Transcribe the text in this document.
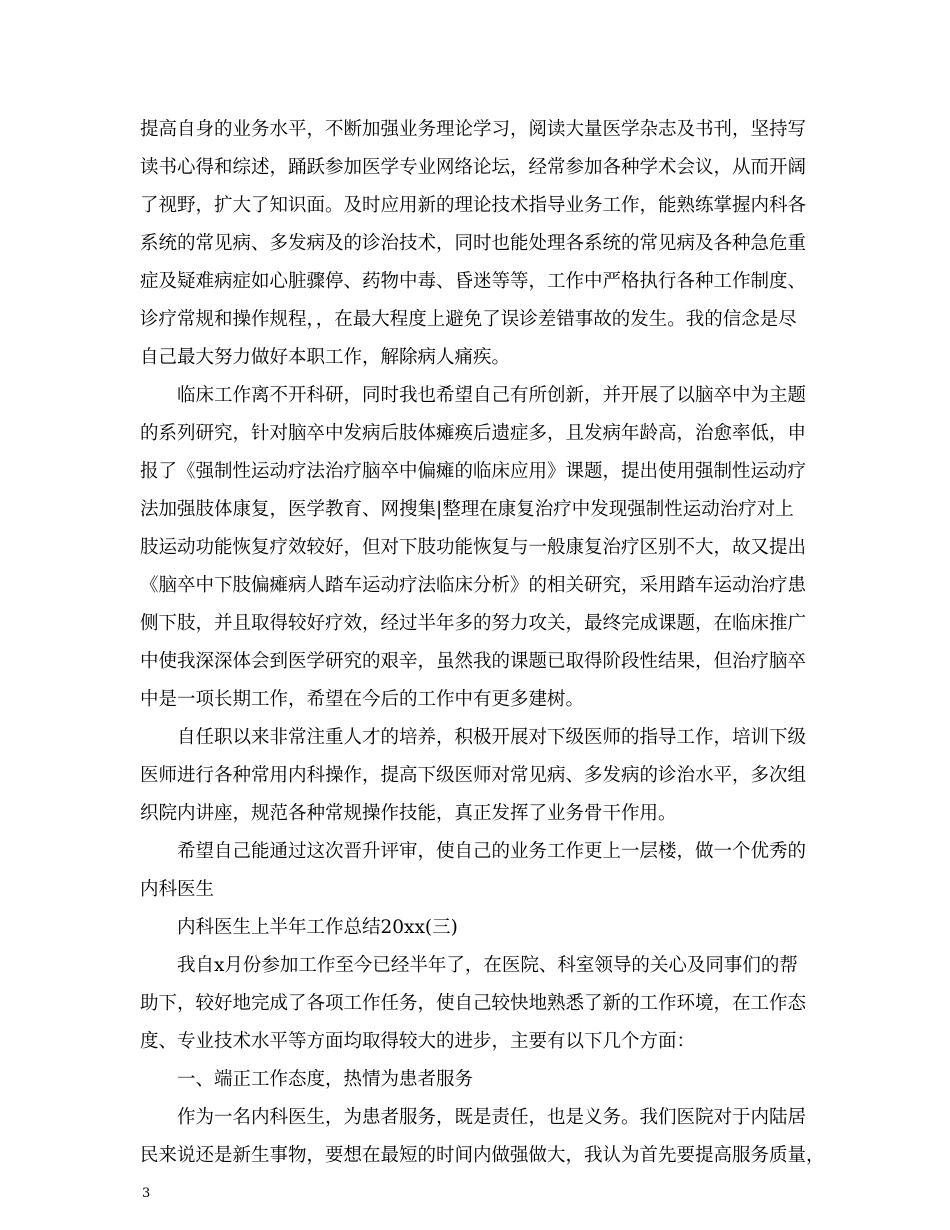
提高自身的业务水平，不断加强业务理论学习，阅读大量医学杂志及书刊，坚持写
读书心得和综述，踊跃参加医学专业网络论坛，经常参加各种学术会议，从而开阔
了视野，扩大了知识面。及时应用新的理论技术指导业务工作，能熟练掌握内科各
系统的常见病、多发病及的诊治技术，同时也能处理各系统的常见病及各种急危重
症及疑难病症如心脏骤停、药物中毒、昏迷等等，工作中严格执行各种工作制度、
诊疗常规和操作规程，，在最大程度上避免了误诊差错事故的发生。我的信念是尽
自己最大努力做好本职工作，解除病人痛疾。
临床工作离不开科研，同时我也希望自己有所创新，并开展了以脑卒中为主题
的系列研究，针对脑卒中发病后肢体瘫痪后遗症多，且发病年龄高，治愈率低，申
报了《强制性运动疗法治疗脑卒中偏瘫的临床应用》课题，提出使用强制性运动疗
法加强肢体康复，医学教育、网搜集|整理在康复治疗中发现强制性运动治疗对上
肢运动功能恢复疗效较好，但对下肢功能恢复与一般康复治疗区别不大，故又提出
《脑卒中下肢偏瘫病人踏车运动疗法临床分析》的相关研究，采用踏车运动治疗患
侧下肢，并且取得较好疗效，经过半年多的努力攻关，最终完成课题，在临床推广
中使我深深体会到医学研究的艰辛，虽然我的课题已取得阶段性结果，但治疗脑卒
中是一项长期工作，希望在今后的工作中有更多建树。
自任职以来非常注重人才的培养，积极开展对下级医师的指导工作，培训下级
医师进行各种常用内科操作，提高下级医师对常见病、多发病的诊治水平，多次组
织院内讲座，规范各种常规操作技能，真正发挥了业务骨干作用。
希望自己能通过这次晋升评审，使自己的业务工作更上一层楼，做一个优秀的
内科医生
内科医生上半年工作总结20xx(三)
我自x月份参加工作至今已经半年了，在医院、科室领导的关心及同事们的帮
助下，较好地完成了各项工作任务，使自己较快地熟悉了新的工作环境，在工作态
度、专业技术水平等方面均取得较大的进步，主要有以下几个方面：
一、端正工作态度，热情为患者服务
作为一名内科医生，为患者服务，既是责任，也是义务。我们医院对于内陆居
民来说还是新生事物，要想在最短的时间内做强做大，我认为首先要提高服务质量，
3
